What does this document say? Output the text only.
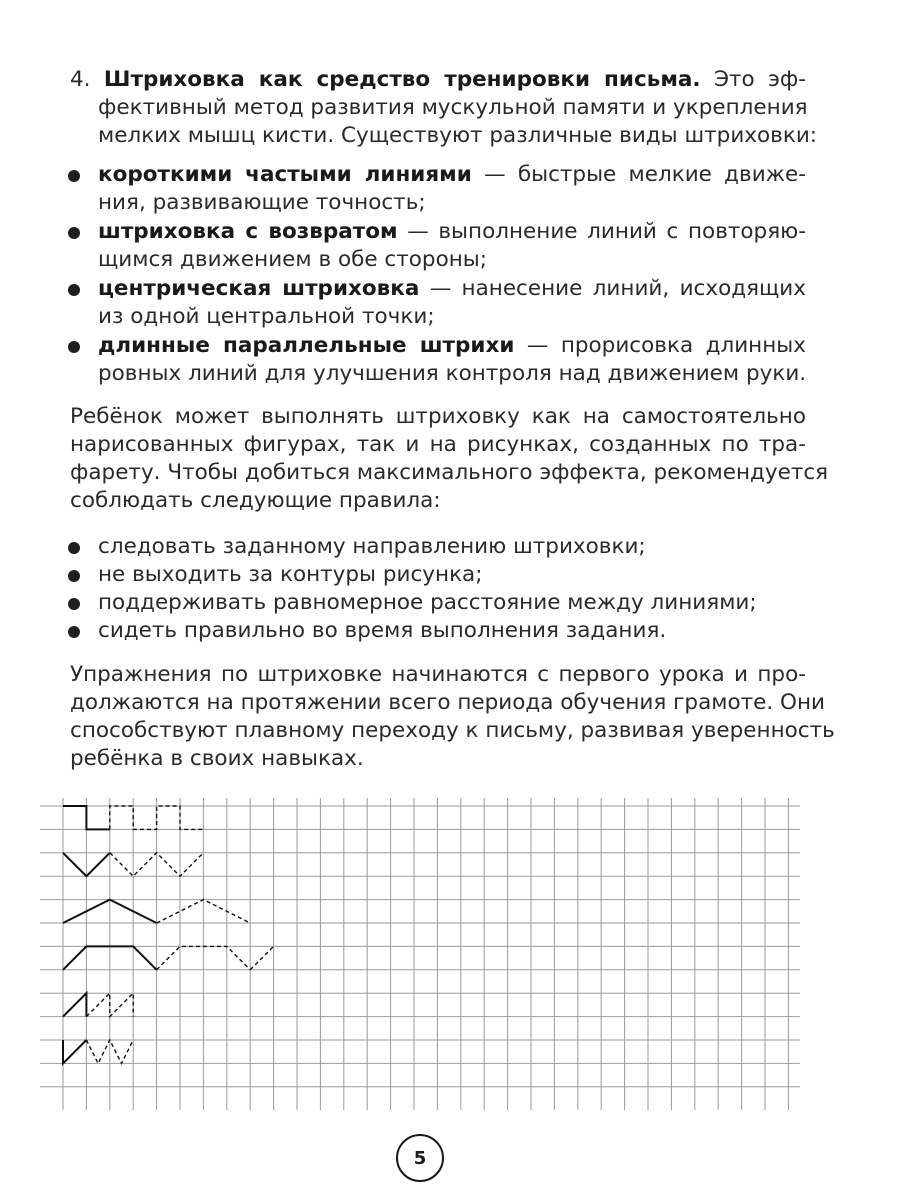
4. Штриховка как средство тренировки письма. Это эф-
фективный метод развития мускульной памяти и укрепления
мелких мышц кисти. Существуют различные виды штриховки:
короткими частыми линиями — быстрые мелкие движе-
ния, развивающие точность;
штриховка с возвратом — выполнение линий с повторяю-
щимся движением в обе стороны;
центрическая штриховка — нанесение линий, исходящих
из одной центральной точки;
длинные параллельные штрихи — прорисовка длинных
ровных линий для улучшения контроля над движением руки.
Ребёнок может выполнять штриховку как на самостоятельно
нарисованных фигурах, так и на рисунках, созданных по тра-
фарету. Чтобы добиться максимального эффекта, рекомендуется
соблюдать следующие правила:
следовать заданному направлению штриховки;
не выходить за контуры рисунка;
поддерживать равномерное расстояние между линиями;
сидеть правильно во время выполнения задания.
Упражнения по штриховке начинаются с первого урока и про-
должаются на протяжении всего периода обучения грамоте. Они
способствуют плавному переходу к письму, развивая уверенность
ребёнка в своих навыках.
5
